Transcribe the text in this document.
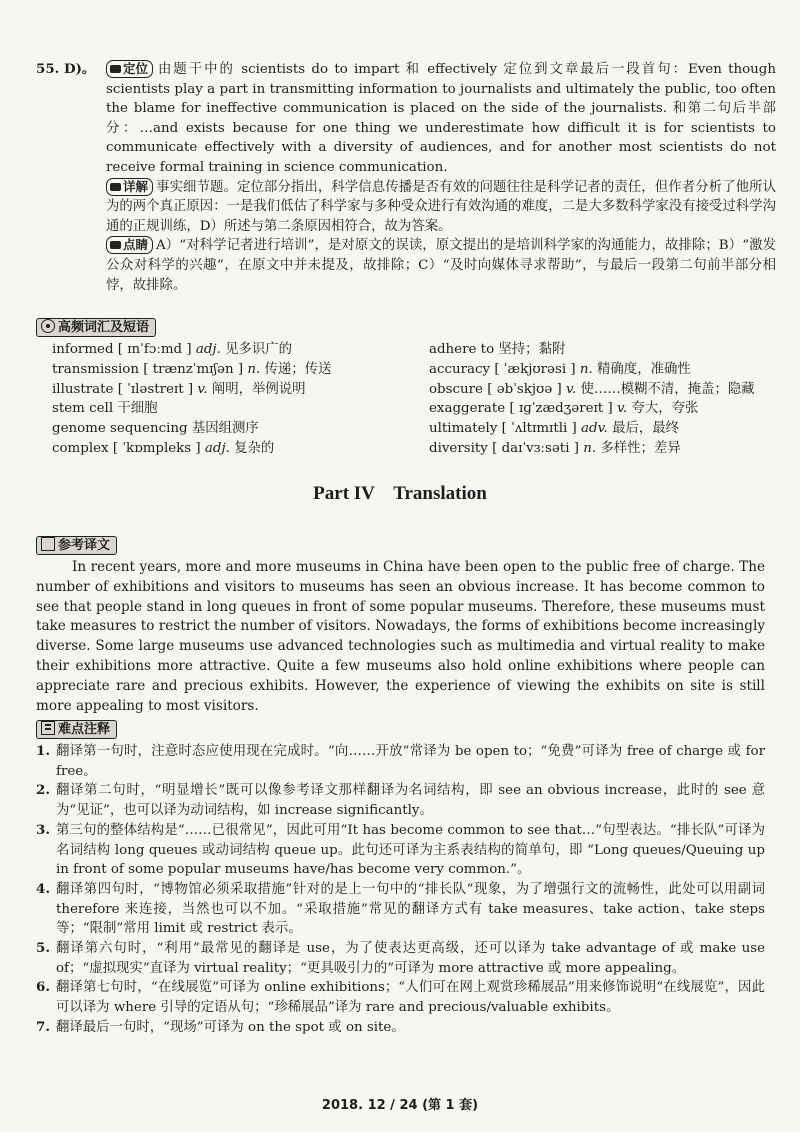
55. D)。	定位 由题干中的 scientists do to impart 和 effectively 定位到文章最后一段首句：Even though scientists play a part in transmitting information to journalists and ultimately the public, too often the blame for ineffective communication is placed on the side of the journalists. 和第二句后半部分：…and exists because for one thing we underestimate how difficult it is for scientists to communicate effectively with a diversity of audiences, and for another most scientists do not receive formal training in science communication.

详解 事实细节题。定位部分指出，科学信息传播是否有效的问题往往是科学记者的责任，但作者分析了他所认为的两个真正原因：一是我们低估了科学家与多种受众进行有效沟通的难度，二是大多数科学家没有接受过科学沟通的正规训练，D）所述与第二条原因相符合，故为答案。

点睛 A）“对科学记者进行培训”，是对原文的误读，原文提出的是培训科学家的沟通能力，故排除；B）“激发公众对科学的兴趣”，在原文中并未提及，故排除；C）“及时向媒体寻求帮助”，与最后一段第二句前半部分相悖，故排除。

高频词汇及短语
informed [ ɪnˈfɔːmd ] adj. 见多识广的
transmission [ trænzˈmɪʃən ] n. 传递；传送
illustrate [ ˈɪləstreɪt ] v. 阐明，举例说明
stem cell 干细胞
genome sequencing 基因组测序
complex [ ˈkɒmpleks ] adj. 复杂的
adhere to 坚持；黏附
accuracy [ ˈækjʊrəsi ] n. 精确度，准确性
obscure [ əbˈskjʊə ] v. 使……模糊不清，掩盖；隐藏
exaggerate [ ɪɡˈzædʒəreɪt ] v. 夸大，夸张
ultimately [ ˈʌltɪmɪtli ] adv. 最后，最终
diversity [ daɪˈvɜːsəti ] n. 多样性；差异
Part IV    Translation
参考译文
In recent years, more and more museums in China have been open to the public free of charge. The number of exhibitions and visitors to museums has seen an obvious increase. It has become common to see that people stand in long queues in front of some popular museums. Therefore, these museums must take measures to restrict the number of visitors. Nowadays, the forms of exhibitions become increasingly diverse. Some large museums use advanced technologies such as multimedia and virtual reality to make their exhibitions more attractive. Quite a few museums also hold online exhibitions where people can appreciate rare and precious exhibits. However, the experience of viewing the exhibits on site is still more appealing to most visitors.
难点注释
1. 翻译第一句时，注意时态应使用现在完成时。“向……开放”常译为 be open to；“免费”可译为 free of charge 或 for free。
2. 翻译第二句时，“明显增长”既可以像参考译文那样翻译为名词结构，即 see an obvious increase，此时的 see 意为“见证”，也可以译为动词结构，如 increase significantly。
3. 第三句的整体结构是“……已很常见”，因此可用“It has become common to see that…”句型表达。“排长队”可译为名词结构 long queues 或动词结构 queue up。此句还可译为主系表结构的简单句，即 “Long queues/Queuing up in front of some popular museums have/has become very common.”。
4. 翻译第四句时，“博物馆必须采取措施”针对的是上一句中的“排长队”现象，为了增强行文的流畅性，此处可以用副词 therefore 来连接，当然也可以不加。“采取措施”常见的翻译方式有 take measures、take action、take steps 等；“限制”常用 limit 或 restrict 表示。
5. 翻译第六句时，“利用”最常见的翻译是 use，为了使表达更高级，还可以译为 take advantage of 或 make use of；“虚拟现实”直译为 virtual reality；“更具吸引力的”可译为 more attractive 或 more appealing。
6. 翻译第七句时，“在线展览”可译为 online exhibitions；“人们可在网上观赏珍稀展品”用来修饰说明“在线展览”，因此可以译为 where 引导的定语从句；“珍稀展品”译为 rare and precious/valuable exhibits。
7. 翻译最后一句时，“现场”可译为 on the spot 或 on site。
2018. 12 / 24 (第 1 套)
